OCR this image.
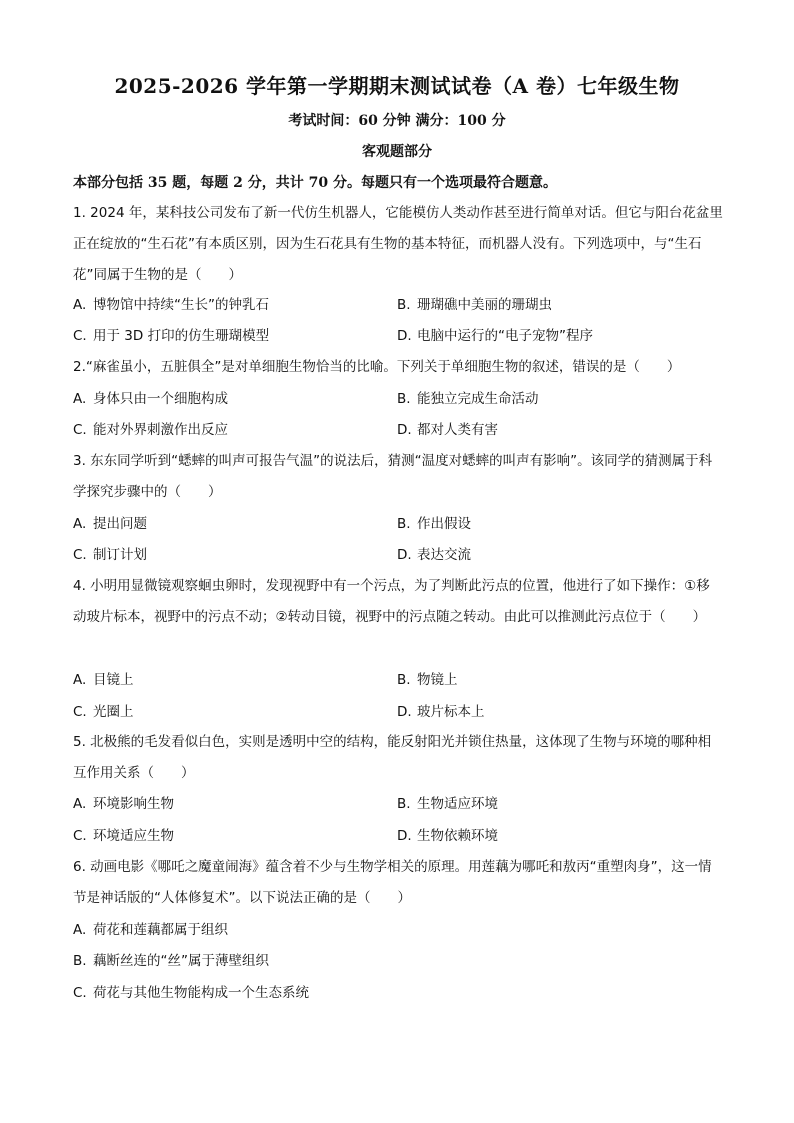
2025-2026 学年第一学期期末测试试卷（A 卷）七年级生物
考试时间：60 分钟 满分：100 分
客观题部分
本部分包括 35 题，每题 2 分，共计 70 分。每题只有一个选项最符合题意。
1. 2024 年，某科技公司发布了新一代仿生机器人，它能模仿人类动作甚至进行简单对话。但它与阳台花盆里正在绽放的“生石花”有本质区别，因为生石花具有生物的基本特征，而机器人没有。下列选项中，与“生石花”同属于生物的是（　　）
A. 博物馆中持续“生长”的钟乳石	B. 珊瑚礁中美丽的珊瑚虫
C. 用于 3D 打印的仿生珊瑚模型	D. 电脑中运行的“电子宠物”程序
2.“麻雀虽小，五脏俱全”是对单细胞生物恰当的比喻。下列关于单细胞生物的叙述，错误的是（　　）
A. 身体只由一个细胞构成	B. 能独立完成生命活动
C. 能对外界刺激作出反应	D. 都对人类有害
3. 东东同学听到“蟋蟀的叫声可报告气温”的说法后，猜测“温度对蟋蟀的叫声有影响”。该同学的猜测属于科学探究步骤中的（　　）
A. 提出问题	B. 作出假设
C. 制订计划	D. 表达交流
4. 小明用显微镜观察蛔虫卵时，发现视野中有一个污点，为了判断此污点的位置，他进行了如下操作：①移动玻片标本，视野中的污点不动；②转动目镜，视野中的污点随之转动。由此可以推测此污点位于（　　）
A. 目镜上	B. 物镜上
C. 光圈上	D. 玻片标本上
5. 北极熊的毛发看似白色，实则是透明中空的结构，能反射阳光并锁住热量，这体现了生物与环境的哪种相互作用关系（　　）
A. 环境影响生物	B. 生物适应环境
C. 环境适应生物	D. 生物依赖环境
6. 动画电影《哪吒之魔童闹海》蕴含着不少与生物学相关的原理。用莲藕为哪吒和敖丙“重塑肉身”，这一情节是神话版的“人体修复术”。以下说法正确的是（　　）
A. 荷花和莲藕都属于组织
B. 藕断丝连的“丝”属于薄壁组织
C. 荷花与其他生物能构成一个生态系统
